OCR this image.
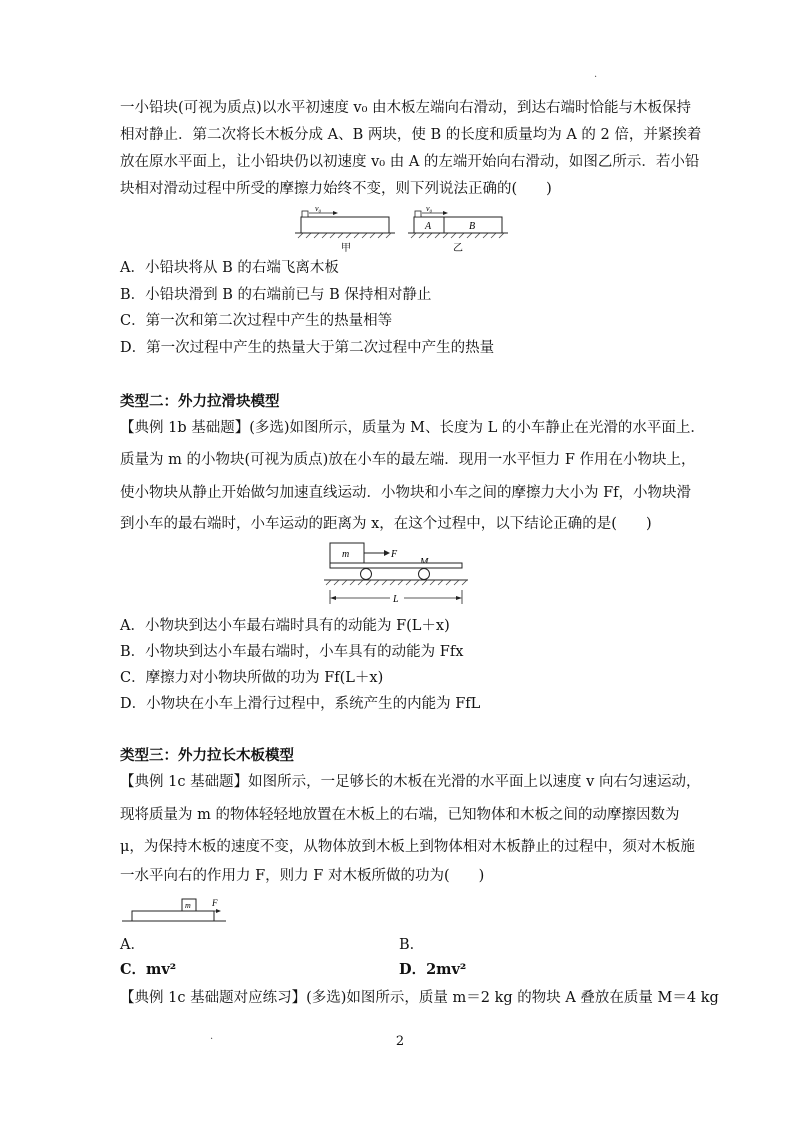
·
一小铅块(可视为质点)以水平初速度 v₀ 由木板左端向右滑动，到达右端时恰能与木板保持
相对静止．第二次将长木板分成 A、B 两块，使 B 的长度和质量均为 A 的 2 倍，并紧挨着
放在原水平面上，让小铅块仍以初速度 v₀ 由 A 的左端开始向右滑动，如图乙所示．若小铅
块相对滑动过程中所受的摩擦力始终不变，则下列说法正确的(　　)
v₀
甲
v₀
A	B
乙
A．小铅块将从 B 的右端飞离木板
B．小铅块滑到 B 的右端前已与 B 保持相对静止
C．第一次和第二次过程中产生的热量相等
D．第一次过程中产生的热量大于第二次过程中产生的热量
类型二：外力拉滑块模型
【典例 1b 基础题】(多选)如图所示，质量为 M、长度为 L 的小车静止在光滑的水平面上．
质量为 m 的小物块(可视为质点)放在小车的最左端．现用一水平恒力 F 作用在小物块上，
使小物块从静止开始做匀加速直线运动．小物块和小车之间的摩擦力大小为 Ff，小物块滑
到小车的最右端时，小车运动的距离为 x，在这个过程中，以下结论正确的是(　　)
m	F
L
A．小物块到达小车最右端时具有的动能为 F(L＋x)
B．小物块到达小车最右端时，小车具有的动能为 Ffx
C．摩擦力对小物块所做的功为 Ff(L＋x)
D．小物块在小车上滑行过程中，系统产生的内能为 FfL
类型三：外力拉长木板模型
【典例 1c 基础题】如图所示，一足够长的木板在光滑的水平面上以速度 v 向右匀速运动，
现将质量为 m 的物体轻轻地放置在木板上的右端，已知物体和木板之间的动摩擦因数为
μ，为保持木板的速度不变，从物体放到木板上到物体相对木板静止的过程中，须对木板施
一水平向右的作用力 F，则力 F 对木板所做的功为(　　)
m F
A．	B．
C．mv²	D．2mv²
【典例 1c 基础题对应练习】(多选)如图所示，质量 m＝2 kg 的物块 A 叠放在质量 M＝4 kg
·	2
